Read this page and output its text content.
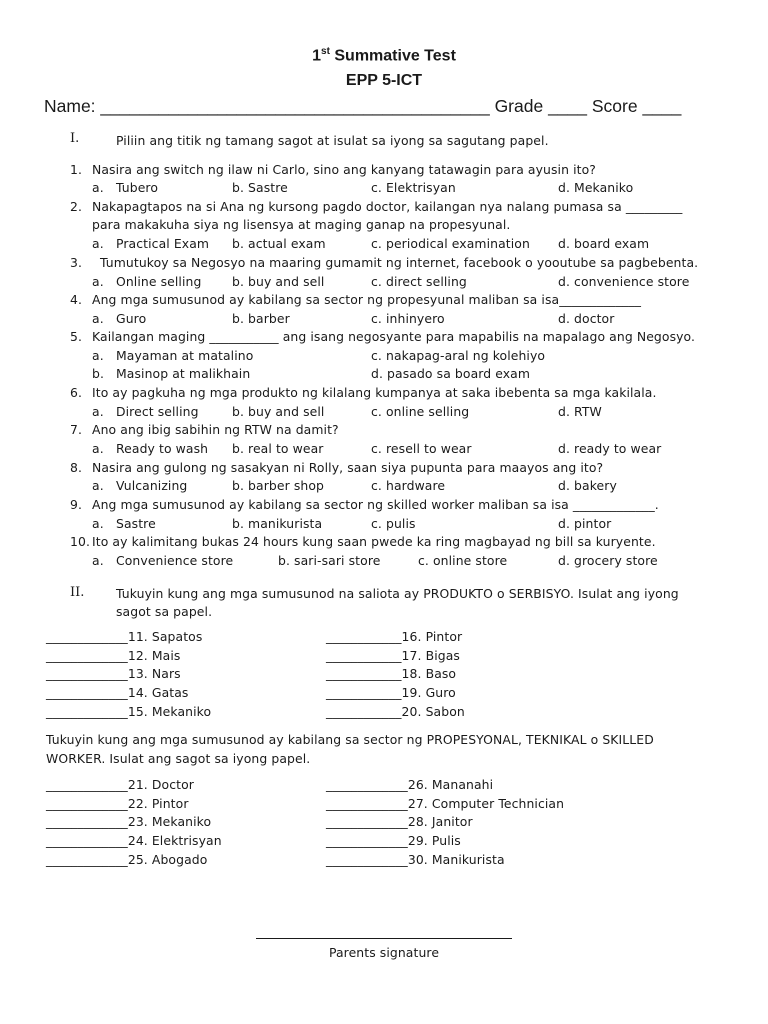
1st Summative Test
EPP 5-ICT
Name: ________________________________________ Grade ____ Score ____
I.	Piliin ang titik ng tamang sagot at isulat sa iyong sa sagutang papel.
1. Nasira ang switch ng ilaw ni Carlo, sino ang kanyang tatawagin para ayusin ito?
a. Tubero	b. Sastre	c. Elektrisyan	d. Mekaniko
2. Nakapagtapos na si Ana ng kursong pagdo doctor, kailangan nya nalang pumasa sa _________
para makakuha siya ng lisensya at maging ganap na propesyunal.
a. Practical Exam b. actual exam	c. periodical examination d. board exam
3. Tumutukoy sa Negosyo na maaring gumamit ng internet, facebook o yooutube sa pagbebenta.
a. Online selling b. buy and sell	c. direct selling	d. convenience store
4. Ang mga sumusunod ay kabilang sa sector ng propesyunal maliban sa isa_____________
a. Guro	b. barber	c. inhinyero	d. doctor
5. Kailangan maging ___________ ang isang negosyante para mapabilis na mapalago ang Negosyo.
a. Mayaman at matalino	c. nakapag-aral ng kolehiyo
b. Masinop at malikhain	d. pasado sa board exam
6. Ito ay pagkuha ng mga produkto ng kilalang kumpanya at saka ibebenta sa mga kakilala.
a. Direct selling	b. buy and sell	c. online selling	d. RTW
7. Ano ang ibig sabihin ng RTW na damit?
a. Ready to wash b. real to wear	c. resell to wear	d. ready to wear
8. Nasira ang gulong ng sasakyan ni Rolly, saan siya pupunta para maayos ang ito?
a. Vulcanizing	b. barber shop	c. hardware	d. bakery
9. Ang mga sumusunod ay kabilang sa sector ng skilled worker maliban sa isa _____________.
a. Sastre	b. manikurista	c. pulis	d. pintor
10. Ito ay kalimitang bukas 24 hours kung saan pwede ka ring magbayad ng bill sa kuryente.
a. Convenience store	b. sari-sari store	c. online store	d. grocery store
II.	Tukuyin kung ang mga sumusunod na saliota ay PRODUKTO o SERBISYO. Isulat ang iyong
sagot sa papel.
_____________11. Sapatos
_____________12. Mais
_____________13. Nars
_____________14. Gatas
_____________15. Mekaniko
____________16. Pintor
____________17. Bigas
____________18. Baso
____________19. Guro
____________20. Sabon
Tukuyin kung ang mga sumusunod ay kabilang sa sector ng PROPESYONAL, TEKNIKAL o SKILLED
WORKER. Isulat ang sagot sa iyong papel.
_____________21. Doctor
_____________22. Pintor
_____________23. Mekaniko
_____________24. Elektrisyan
_____________25. Abogado
_____________26. Mananahi
_____________27. Computer Technician
_____________28. Janitor
_____________29. Pulis
_____________30. Manikurista
Parents signature
